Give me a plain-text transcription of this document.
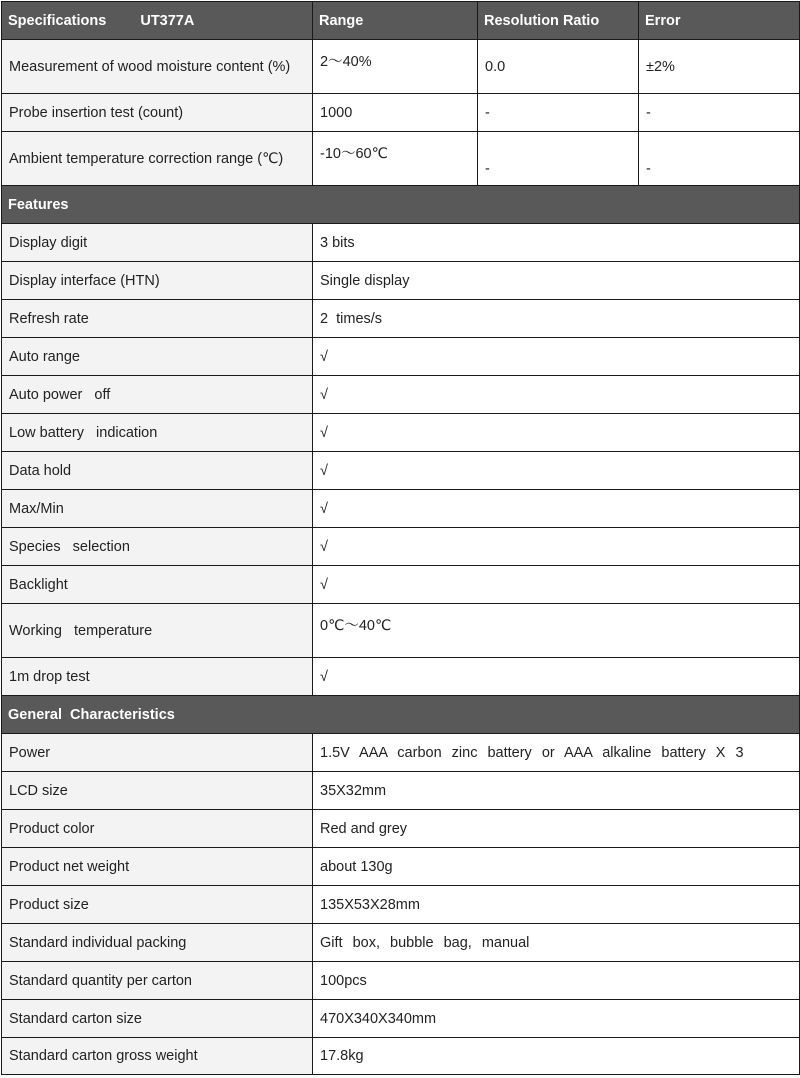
Specifications UT377A	Range	Resolution Ratio	Error
Measurement of wood moisture content (%)	2～40%	0.0	±2%
Probe insertion test (count)	1000	-	-
Ambient temperature correction range (℃)	-10～60℃	-	-
Features			
Display digit	3 bits		
Display interface (HTN)	Single display		
Refresh rate	2  times/s		
Auto range	√		
Auto power   off	√		
Low battery   indication	√		
Data hold	√		
Max/Min	√		
Species   selection	√		
Backlight	√		
Working   temperature	0℃～40℃		
1m drop test	√		
General  Characteristics			
Power	1.5V AAA carbon zinc battery or AAA alkaline battery X 3		
LCD size	35X32mm		
Product color	Red and grey		
Product net weight	about 130g		
Product size	135X53X28mm		
Standard individual packing	Gift box, bubble bag, manual		
Standard quantity per carton	100pcs		
Standard carton size	470X340X340mm		
Standard carton gross weight	17.8kg		
